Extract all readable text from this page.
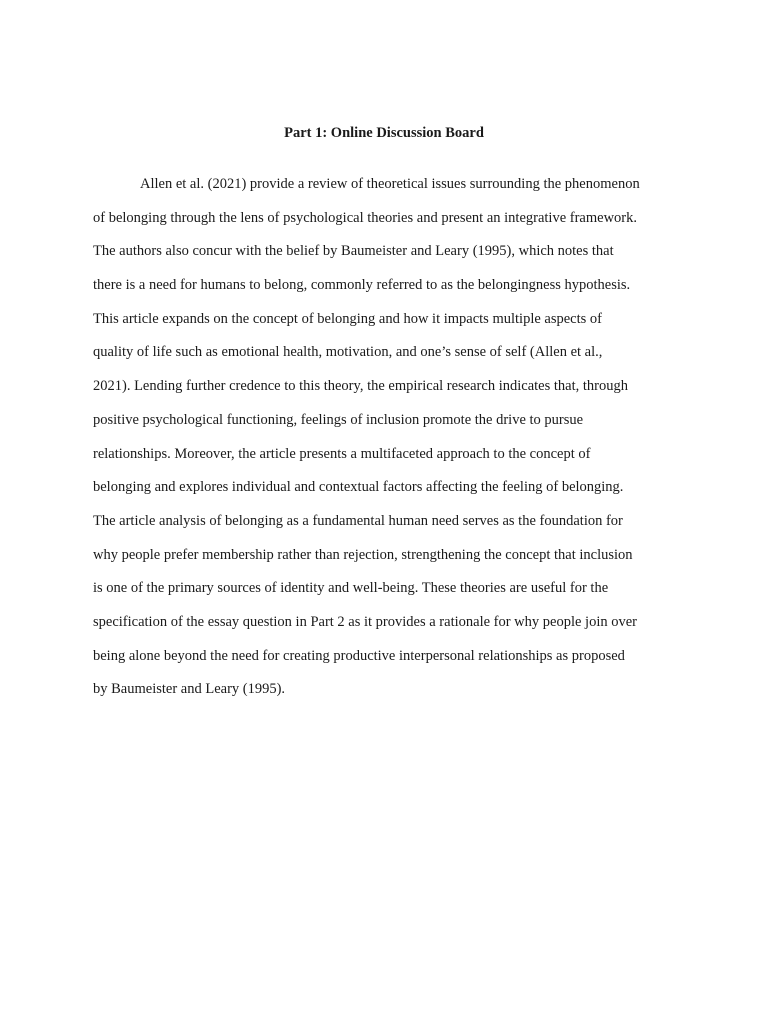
Part 1: Online Discussion Board
Allen et al. (2021) provide a review of theoretical issues surrounding the phenomenon
of belonging through the lens of psychological theories and present an integrative framework.
The authors also concur with the belief by Baumeister and Leary (1995), which notes that
there is a need for humans to belong, commonly referred to as the belongingness hypothesis.
This article expands on the concept of belonging and how it impacts multiple aspects of
quality of life such as emotional health, motivation, and one’s sense of self (Allen et al.,
2021). Lending further credence to this theory, the empirical research indicates that, through
positive psychological functioning, feelings of inclusion promote the drive to pursue
relationships. Moreover, the article presents a multifaceted approach to the concept of
belonging and explores individual and contextual factors affecting the feeling of belonging.
The article analysis of belonging as a fundamental human need serves as the foundation for
why people prefer membership rather than rejection, strengthening the concept that inclusion
is one of the primary sources of identity and well-being. These theories are useful for the
specification of the essay question in Part 2 as it provides a rationale for why people join over
being alone beyond the need for creating productive interpersonal relationships as proposed
by Baumeister and Leary (1995).
